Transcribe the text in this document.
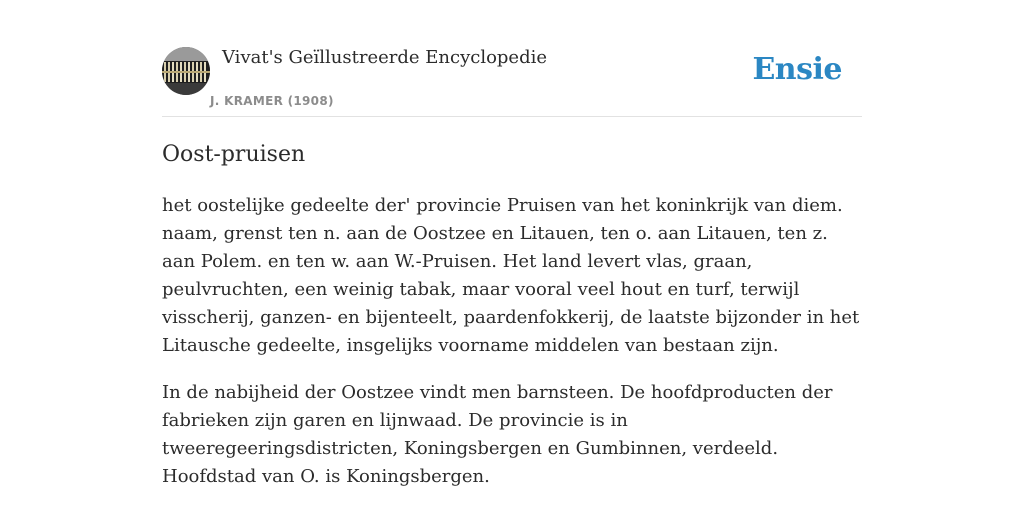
Vivat's Geïllustreerde Encyclopedie
J. KRAMER (1908)
Ensie
Oost-pruisen

het oostelijke gedeelte der' provincie Pruisen van het koninkrijk van diem. naam, grenst ten n. aan de Oostzee en Litauen, ten o. aan Litauen, ten z. aan Polem. en ten w. aan W.-Pruisen. Het land levert vlas, graan, peulvruchten, een weinig tabak, maar vooral veel hout en turf, terwijl visscherij, ganzen- en bijenteelt, paardenfokkerij, de laatste bijzonder in het Litausche gedeelte, insgelijks voorname middelen van bestaan zijn.

In de nabijheid der Oostzee vindt men barnsteen. De hoofdproducten der fabrieken zijn garen en lijnwaad. De provincie is in tweeregeeringsdistricten, Koningsbergen en Gumbinnen, verdeeld. Hoofdstad van O. is Koningsbergen.
